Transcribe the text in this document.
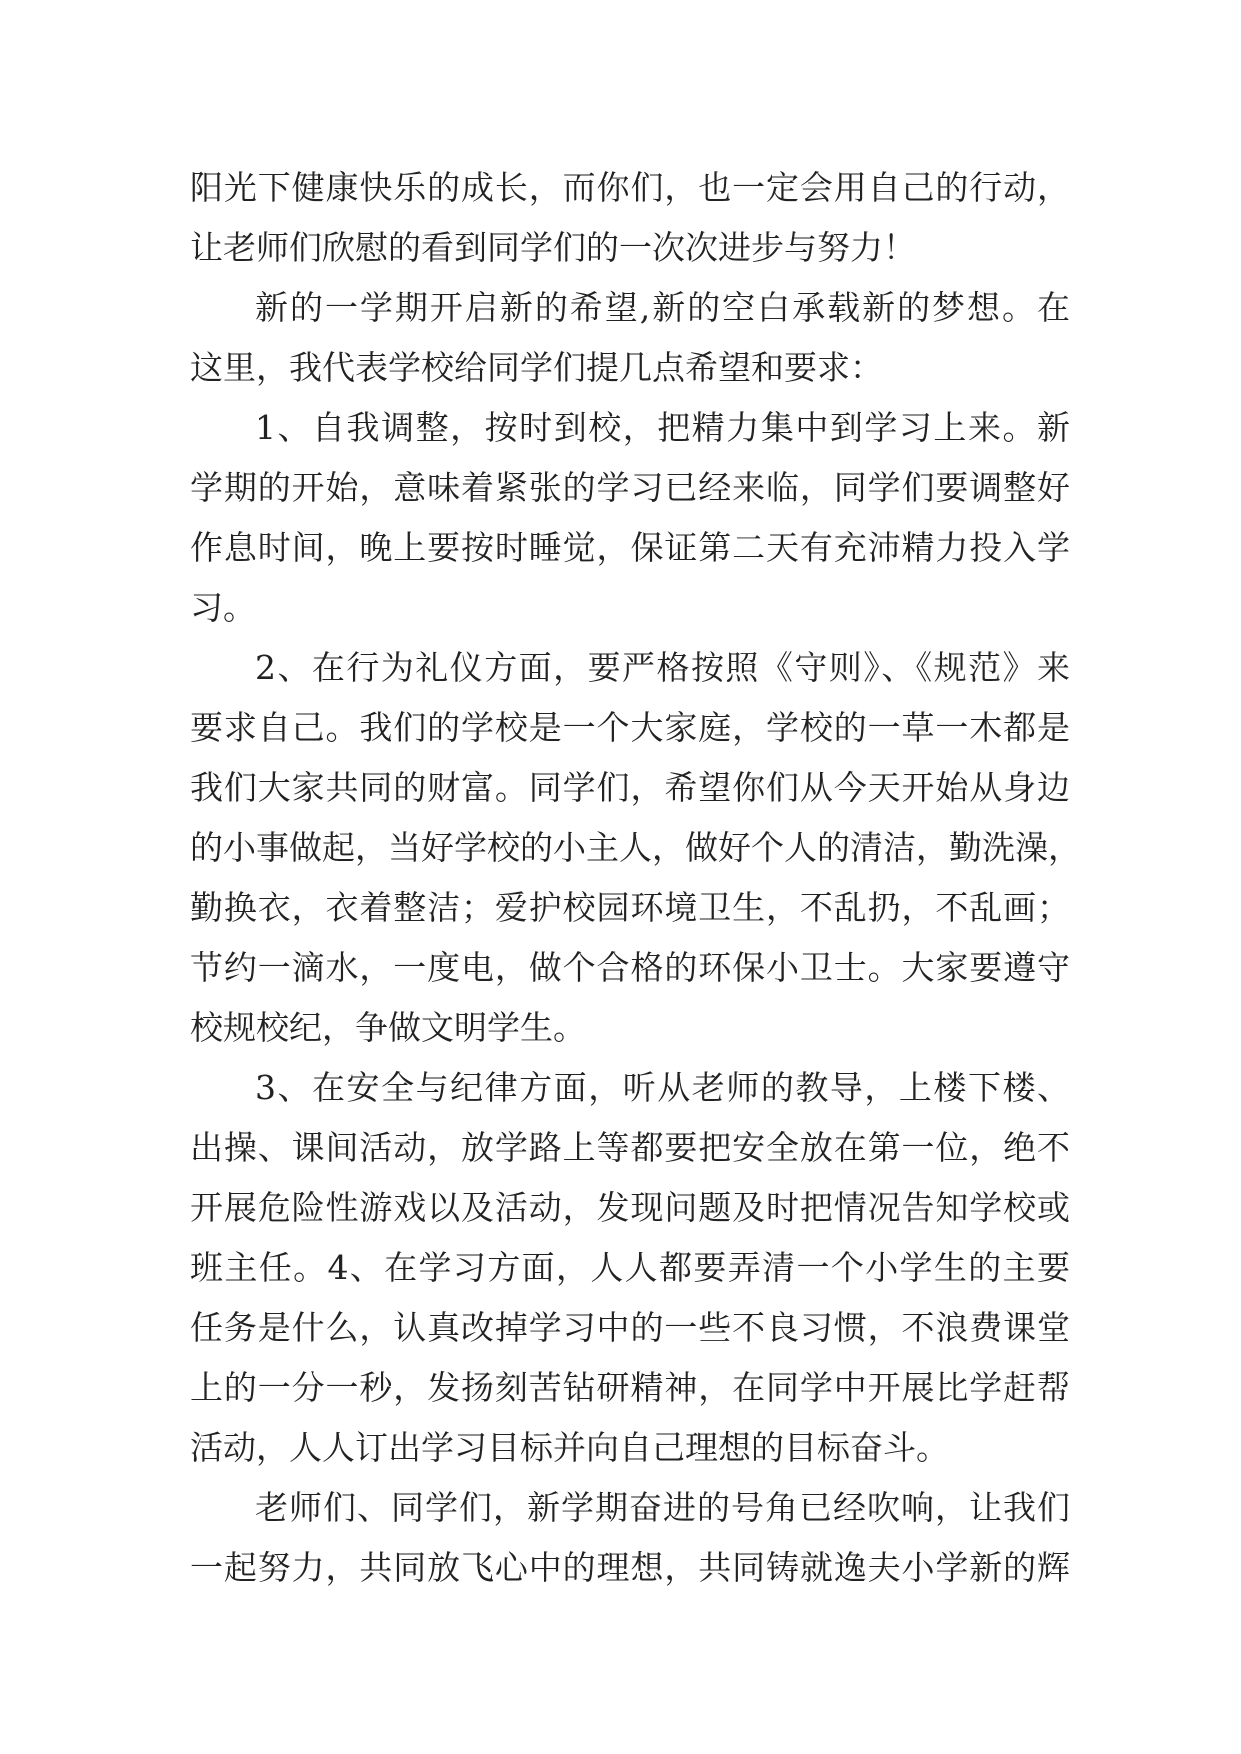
阳光下健康快乐的成长，而你们，也一定会用自己的行动，

让老师们欣慰的看到同学们的一次次进步与努力！

新的一学期开启新的希望,新的空白承载新的梦想。在

这里，我代表学校给同学们提几点希望和要求：

1、自我调整，按时到校，把精力集中到学习上来。新

学期的开始，意味着紧张的学习已经来临，同学们要调整好

作息时间，晚上要按时睡觉，保证第二天有充沛精力投入学

习。

2、在行为礼仪方面，要严格按照《守则》、《规范》来

要求自己。我们的学校是一个大家庭，学校的一草一木都是

我们大家共同的财富。同学们，希望你们从今天开始从身边

的小事做起，当好学校的小主人，做好个人的清洁，勤洗澡，

勤换衣，衣着整洁；爱护校园环境卫生，不乱扔，不乱画；

节约一滴水，一度电，做个合格的环保小卫士。大家要遵守

校规校纪，争做文明学生。

3、在安全与纪律方面，听从老师的教导，上楼下楼、

出操、课间活动，放学路上等都要把安全放在第一位，绝不

开展危险性游戏以及活动，发现问题及时把情况告知学校或

班主任。4、在学习方面，人人都要弄清一个小学生的主要

任务是什么，认真改掉学习中的一些不良习惯，不浪费课堂

上的一分一秒，发扬刻苦钻研精神，在同学中开展比学赶帮

活动，人人订出学习目标并向自己理想的目标奋斗。

老师们、同学们，新学期奋进的号角已经吹响，让我们

一起努力，共同放飞心中的理想，共同铸就逸夫小学新的辉
